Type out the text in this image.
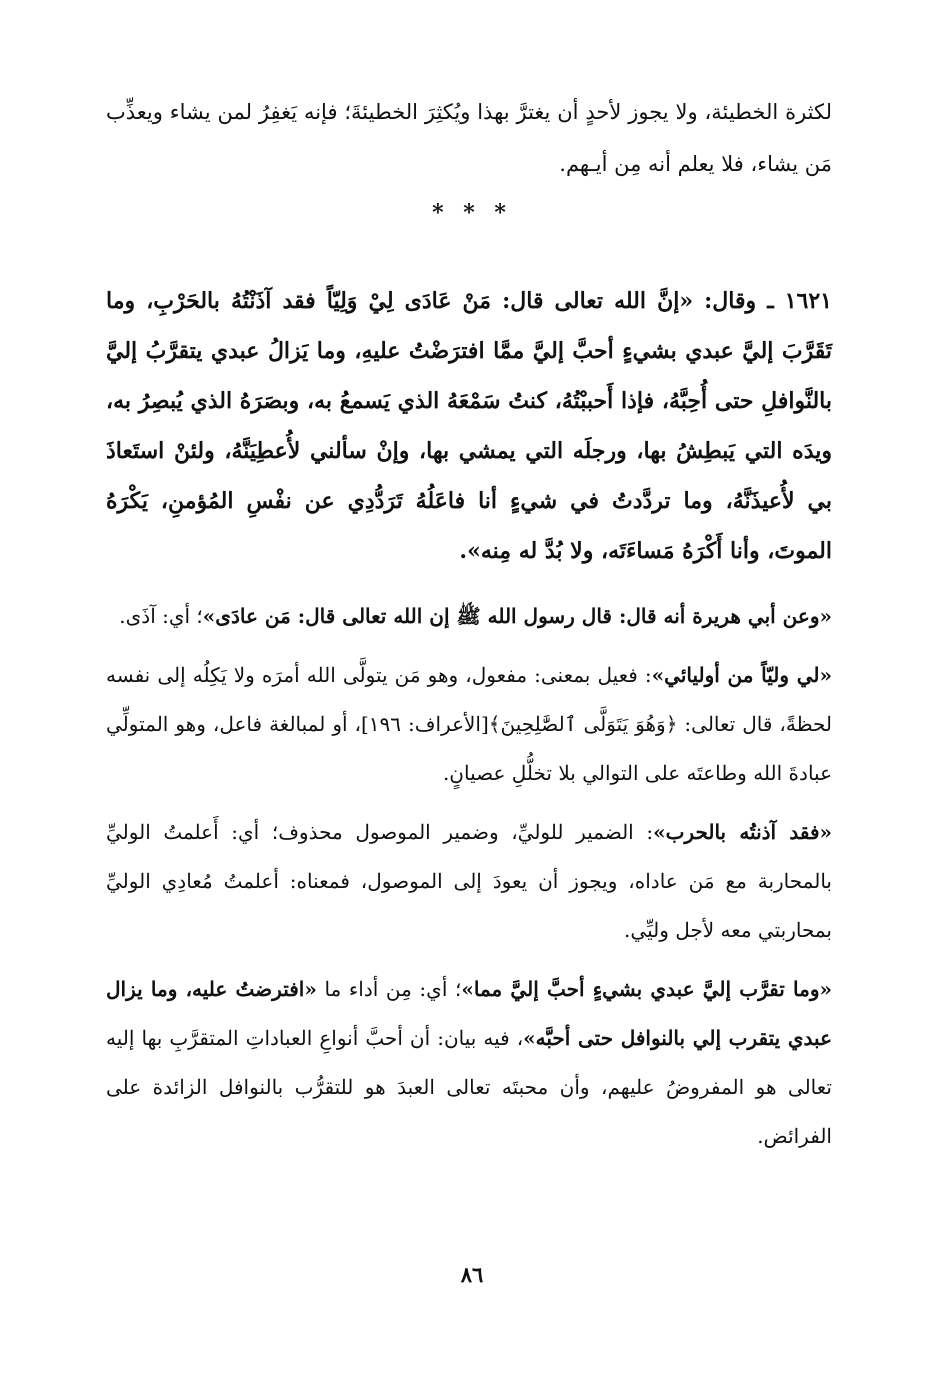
لكثرة الخطيئة، ولا يجوز لأحدٍ أن يغترَّ بهذا ويُكثِرَ الخطيئةَ؛ فإنه يَغفِرُ لمن يشاء ويعذِّب مَن يشاء، فلا يعلم أنه مِن أيـهم.

* * *

١٦٢١ ـ وقال: «إنَّ الله تعالى قال: مَنْ عَادَى لِيْ وَلِيّاً فقد آذَنْتُهُ بالحَرْبِ، وما تَقَرَّبَ إليَّ عبدي بشيءٍ أحبَّ إليَّ ممَّا افترَضْتُ عليهِ، وما يَزالُ عبدي يتقرَّبُ إليَّ بالنَّوافلِ حتى أُحِبَّهُ، فإذا أَحببْتُهُ، كنتُ سَمْعَهُ الذي يَسمعُ به، وبصَرَهُ الذي يُبصِرُ به، ويدَه التي يَبطِشُ بها، ورجلَه التي يمشي بها، وإنْ سألني لأُعطِيَنَّهُ، ولئنْ استَعاذَ بي لأُعيذَنَّهُ، وما تردَّدتُ في شيءٍ أنا فاعَلُهُ تَرَدُّدِي عن نفْسِ المُؤمنِ، يَكْرَهُ الموتَ، وأنا أَكْرَهُ مَساءَتَه، ولا بُدَّ له مِنه».

«وعن أبي هريرة أنه قال: قال رسول الله ﷺ إن الله تعالى قال: مَن عادَى»؛ أي: آذَى.

«لي وليّاً من أوليائي»: فعيل بمعنى: مفعول، وهو مَن يتولَّى الله أمرَه ولا يَكِلُه إلى نفسه لحظةً، قال تعالى: ﴿وَهُوَ يَتَوَلَّى ٱلصَّٰلِحِينَ﴾[الأعراف: ١٩٦]، أو لمبالغة فاعل، وهو المتولِّي عبادةَ الله وطاعتَه على التوالي بلا تخلُّلِ عصيانٍ.

«فقد آذنتُه بالحرب»: الضمير للوليِّ، وضمير الموصول محذوف؛ أي: أَعلمتُ الوليِّ بالمحاربة مع مَن عاداه، ويجوز أن يعودَ إلى الموصول، فمعناه: أعلمتُ مُعادِي الوليِّ بمحاربتي معه لأجل وليِّي.

«وما تقرَّب إليَّ عبدي بشيءٍ أحبَّ إليَّ مما»؛ أي: مِن أداء ما «افترضتُ عليه، وما يزال عبدي يتقرب إلي بالنوافل حتى أحبَّه»، فيه بيان: أن أحبَّ أنواعِ العباداتِ المتقرَّبِ بها إليه تعالى هو المفروضُ عليهم، وأن محبتَه تعالى العبدَ هو للتقرُّب بالنوافل الزائدة على الفرائض.

٨٦
